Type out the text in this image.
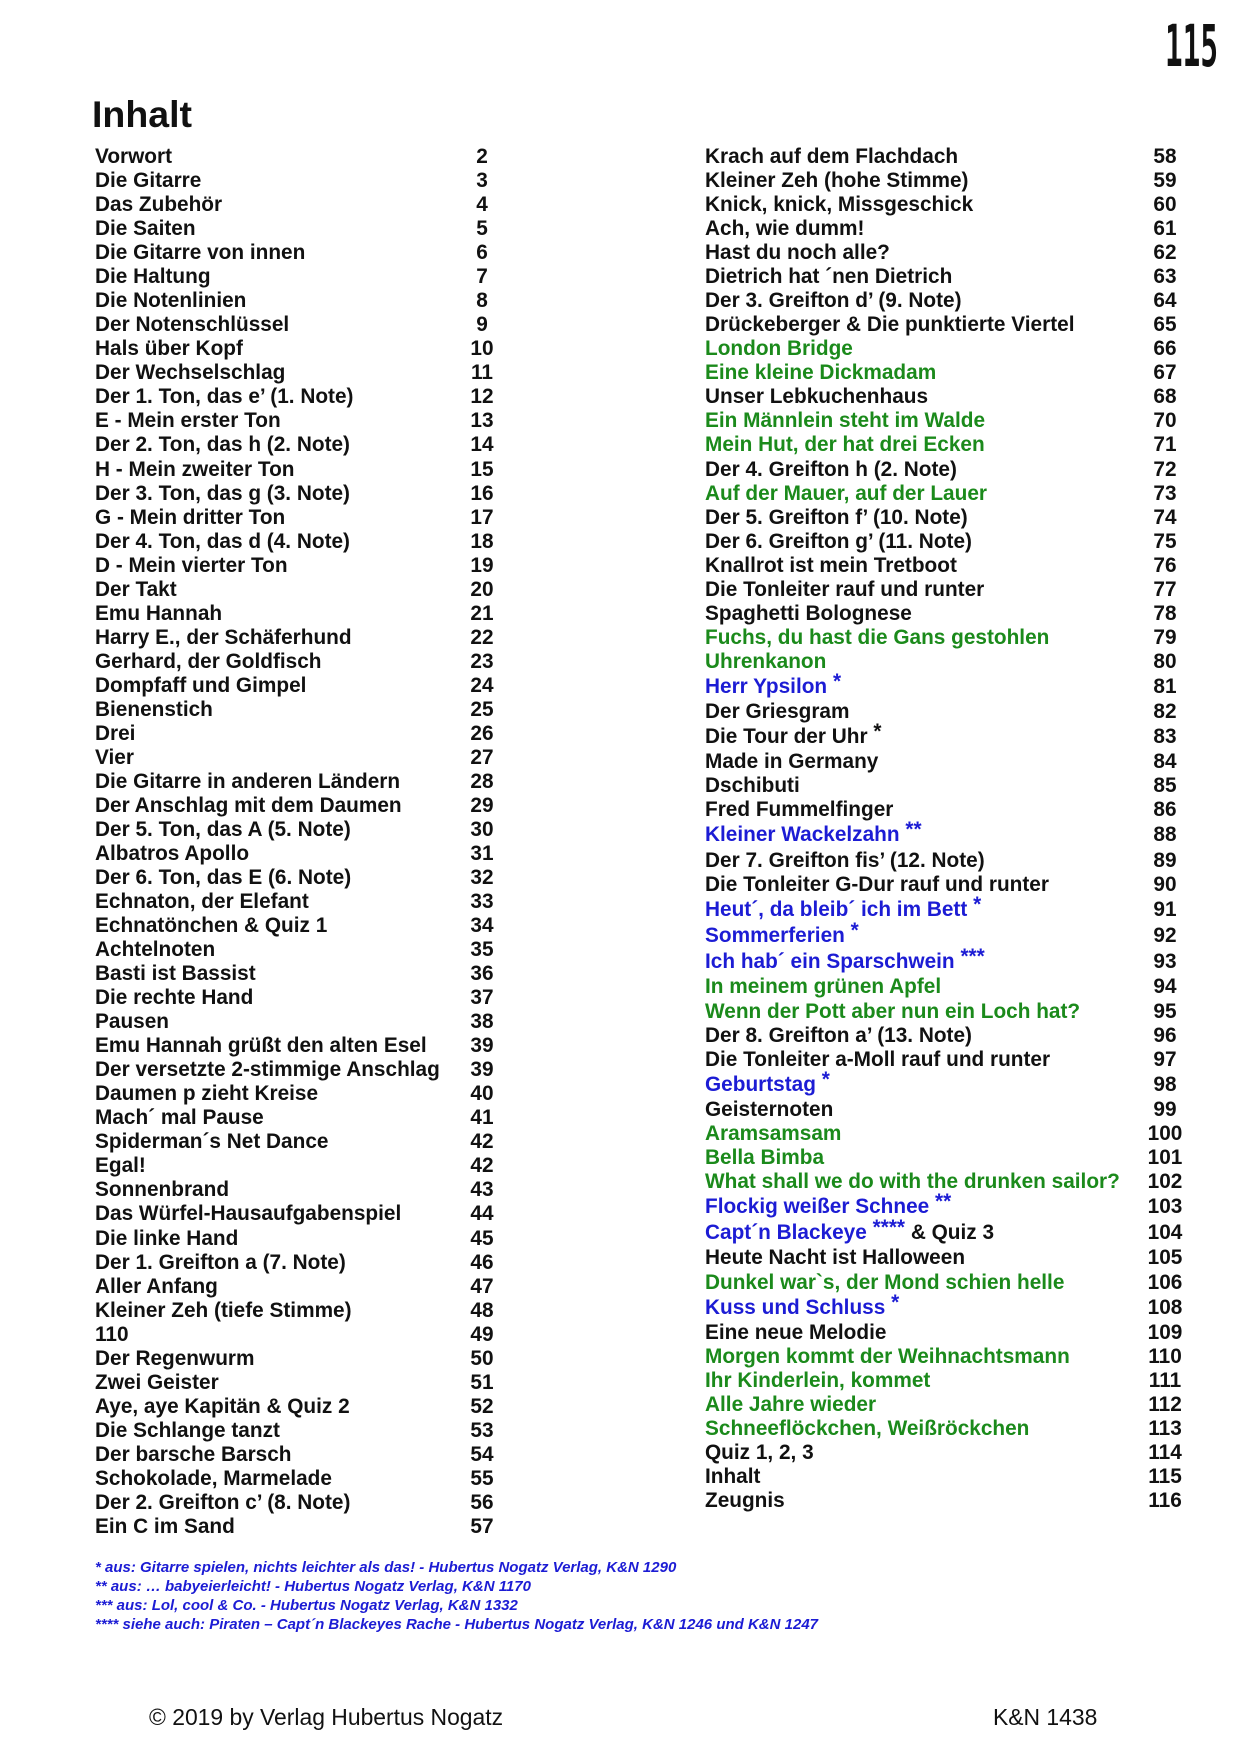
115
Inhalt
Vorwort	2
Die Gitarre	3
Das Zubehör	4
Die Saiten	5
Die Gitarre von innen	6
Die Haltung	7
Die Notenlinien	8
Der Notenschlüssel	9
Hals über Kopf	10
Der Wechselschlag	11
Der 1. Ton, das e’ (1. Note)	12
E - Mein erster Ton	13
Der 2. Ton, das h (2. Note)	14
H - Mein zweiter Ton	15
Der 3. Ton, das g (3. Note)	16
G - Mein dritter Ton	17
Der 4. Ton, das d (4. Note)	18
D - Mein vierter Ton	19
Der Takt	20
Emu Hannah	21
Harry E., der Schäferhund	22
Gerhard, der Goldfisch	23
Dompfaff und Gimpel	24
Bienenstich	25
Drei	26
Vier	27
Die Gitarre in anderen Ländern	28
Der Anschlag mit dem Daumen	29
Der 5. Ton, das A (5. Note)	30
Albatros Apollo	31
Der 6. Ton, das E (6. Note)	32
Echnaton, der Elefant	33
Echnatönchen & Quiz 1	34
Achtelnoten	35
Basti ist Bassist	36
Die rechte Hand	37
Pausen	38
Emu Hannah grüßt den alten Esel	39
Der versetzte 2-stimmige Anschlag	39
Daumen p zieht Kreise	40
Mach´ mal Pause	41
Spiderman´s Net Dance	42
Egal!	42
Sonnenbrand	43
Das Würfel-Hausaufgabenspiel	44
Die linke Hand	45
Der 1. Greifton a (7. Note)	46
Aller Anfang	47
Kleiner Zeh (tiefe Stimme)	48
110	49
Der Regenwurm	50
Zwei Geister	51
Aye, aye Kapitän & Quiz 2	52
Die Schlange tanzt	53
Der barsche Barsch	54
Schokolade, Marmelade	55
Der 2. Greifton c’ (8. Note)	56
Ein C im Sand	57
Krach auf dem Flachdach	58
Kleiner Zeh (hohe Stimme)	59
Knick, knick, Missgeschick	60
Ach, wie dumm!	61
Hast du noch alle?	62
Dietrich hat ´nen Dietrich	63
Der 3. Greifton d’ (9. Note)	64
Drückeberger & Die punktierte Viertel	65
London Bridge	66
Eine kleine Dickmadam	67
Unser Lebkuchenhaus	68
Ein Männlein steht im Walde	70
Mein Hut, der hat drei Ecken	71
Der 4. Greifton h (2. Note)	72
Auf der Mauer, auf der Lauer	73
Der 5. Greifton f’ (10. Note)	74
Der 6. Greifton g’ (11. Note)	75
Knallrot ist mein Tretboot	76
Die Tonleiter rauf und runter	77
Spaghetti Bolognese	78
Fuchs, du hast die Gans gestohlen	79
Uhrenkanon	80
Herr Ypsilon *	81
Der Griesgram	82
Die Tour der Uhr *	83
Made in Germany	84
Dschibuti	85
Fred Fummelfinger	86
Kleiner Wackelzahn **	88
Der 7. Greifton fis’ (12. Note)	89
Die Tonleiter G-Dur rauf und runter	90
Heut´, da bleib´ ich im Bett *	91
Sommerferien *	92
Ich hab´ ein Sparschwein ***	93
In meinem grünen Apfel	94
Wenn der Pott aber nun ein Loch hat?	95
Der 8. Greifton a’ (13. Note)	96
Die Tonleiter a-Moll rauf und runter	97
Geburtstag *	98
Geisternoten	99
Aramsamsam	100
Bella Bimba	101
What shall we do with the drunken sailor?	102
Flockig weißer Schnee **	103
Capt´n Blackeye **** & Quiz 3	104
Heute Nacht ist Halloween	105
Dunkel war`s, der Mond schien helle	106
Kuss und Schluss *	108
Eine neue Melodie	109
Morgen kommt der Weihnachtsmann	110
Ihr Kinderlein, kommet	111
Alle Jahre wieder	112
Schneeflöckchen, Weißröckchen	113
Quiz 1, 2, 3	114
Inhalt	115
Zeugnis	116
* aus: Gitarre spielen, nichts leichter als das! - Hubertus Nogatz Verlag, K&N 1290
** aus: … babyeierleicht! - Hubertus Nogatz Verlag, K&N 1170
*** aus: Lol, cool & Co. - Hubertus Nogatz Verlag, K&N 1332
**** siehe auch: Piraten – Capt´n Blackeyes Rache - Hubertus Nogatz Verlag, K&N 1246 und K&N 1247
© 2019 by Verlag Hubertus Nogatz	K&N 1438
